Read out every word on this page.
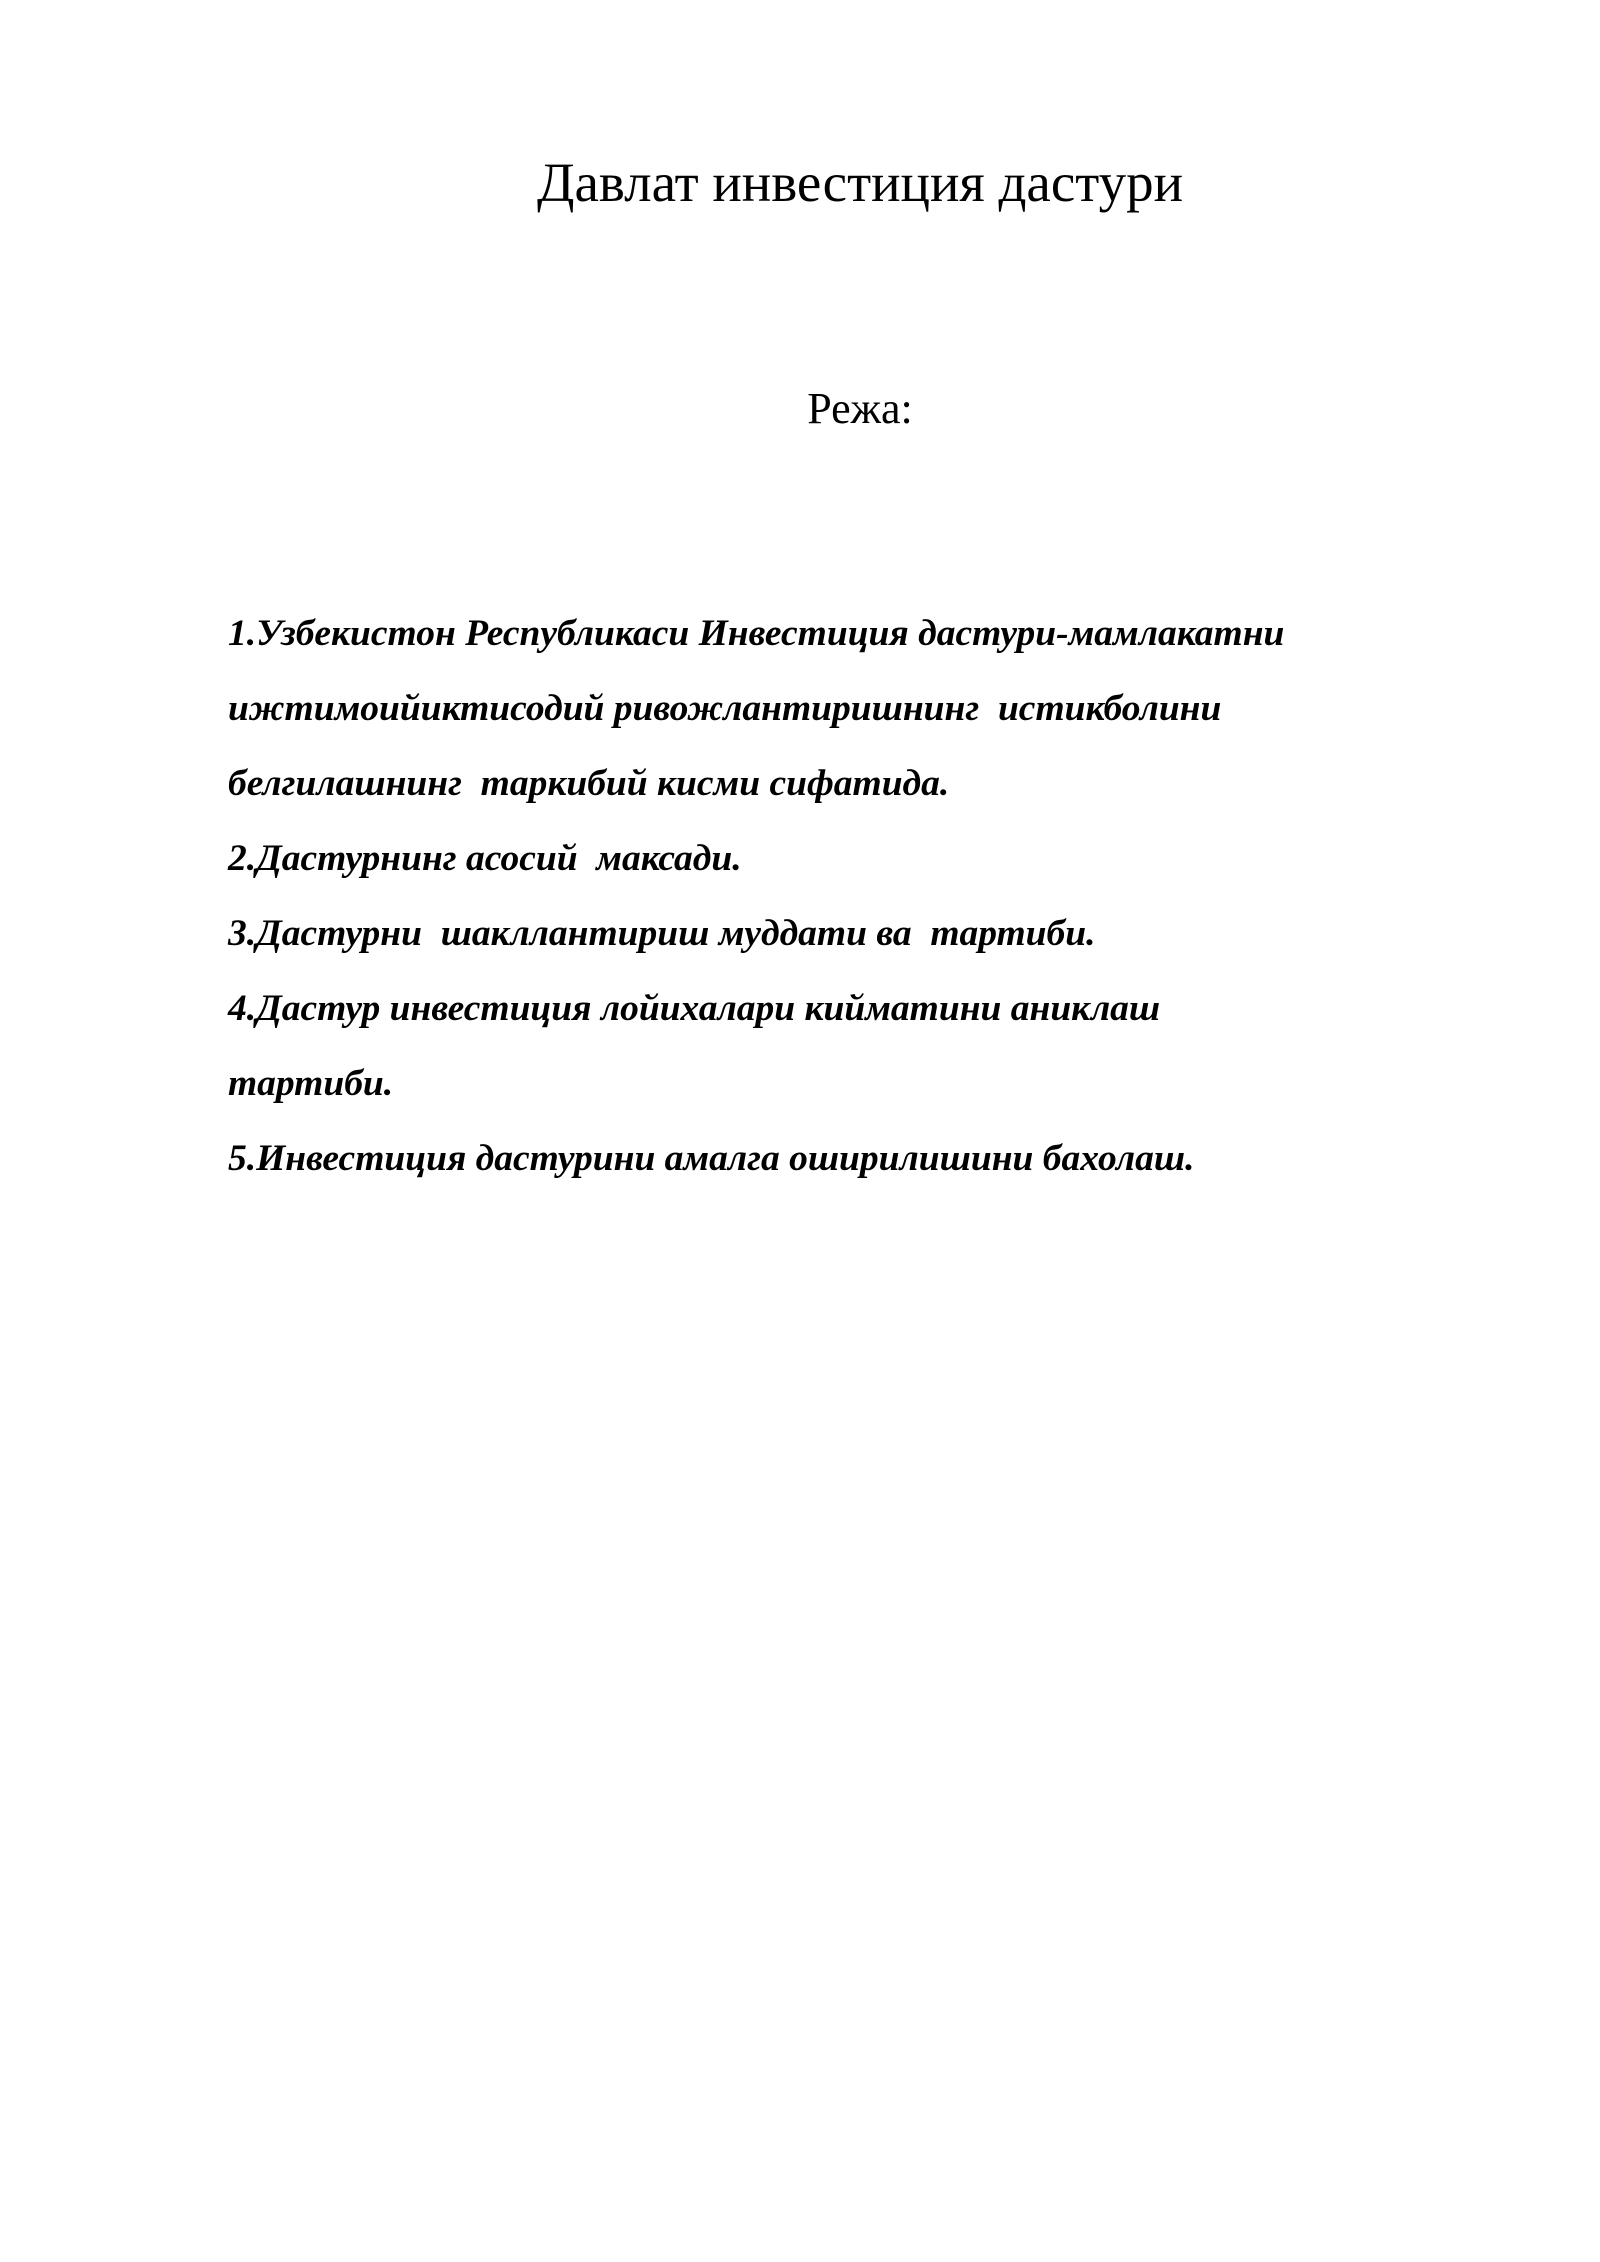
Давлат инвестиция дастури
Режа:
1.Узбекистон Республикаси Инвестиция дастури-мамлакатни
ижтимоийиктисодий ривожлантиришнинг  истикболини
белгилашнинг  таркибий кисми сифатида.
2.Дастурнинг асосий  максади.
3.Дастурни  шакллантириш муддати ва  тартиби.
4.Дастур инвестиция лойихалари кийматини аниклаш
тартиби.
5.Инвестиция дастурини амалга оширилишини бахолаш.
